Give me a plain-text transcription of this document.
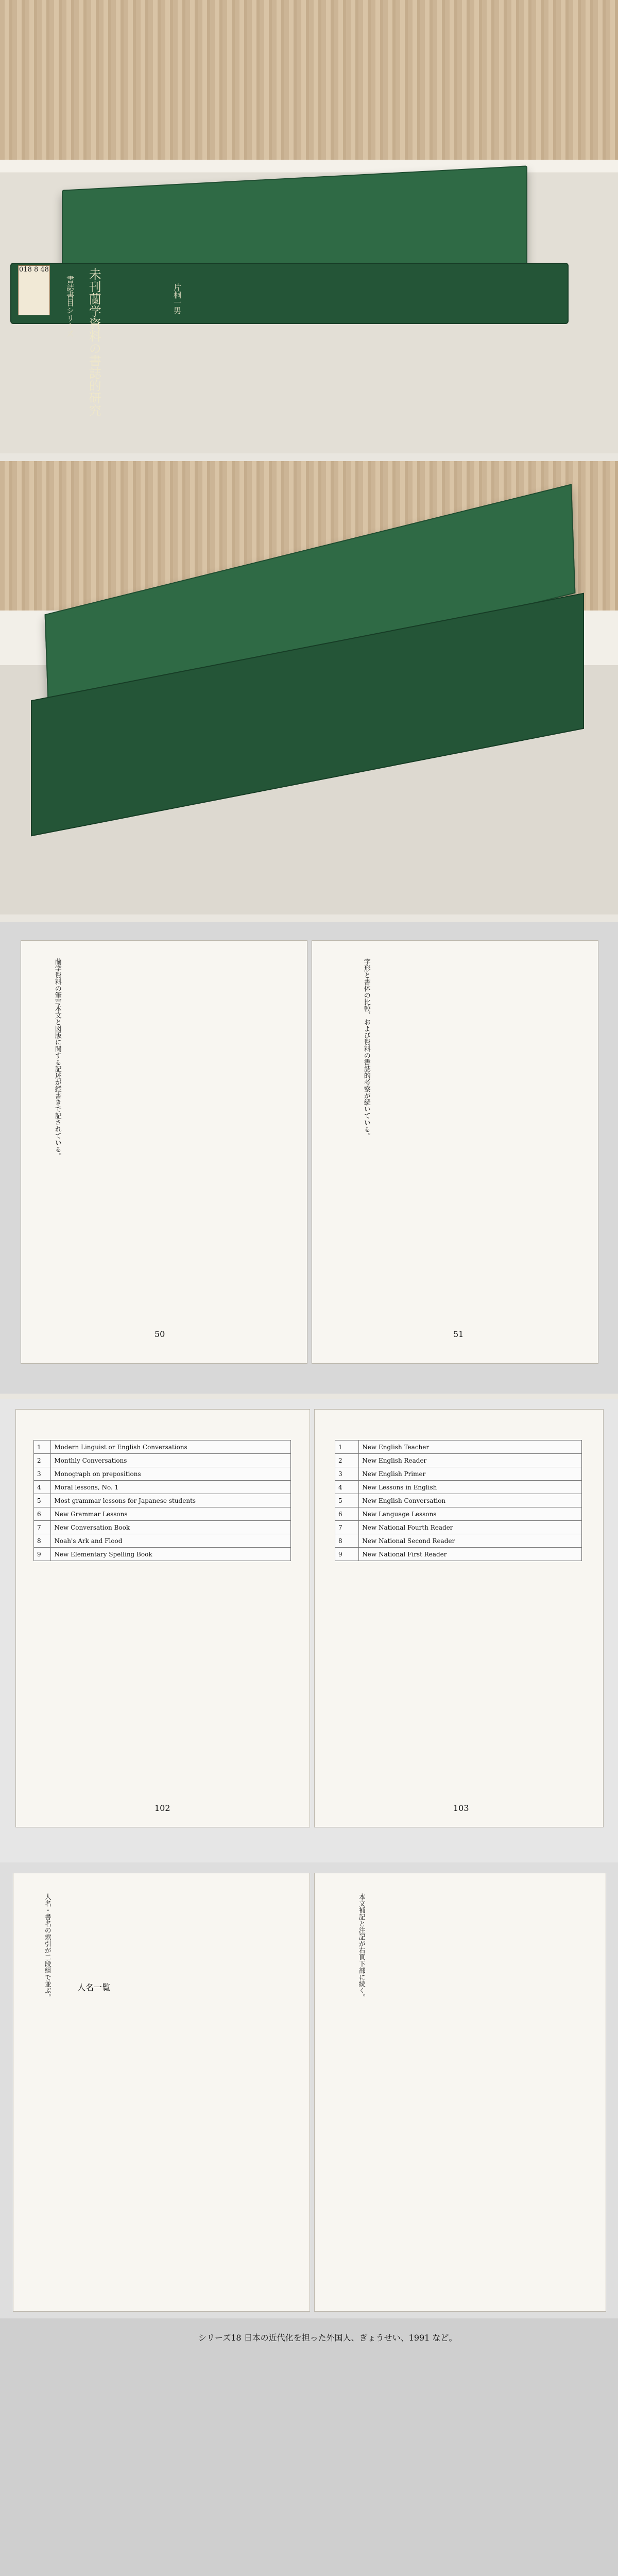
018 8 48
書誌書目シリーズ 未刊蘭学資料の書誌的研究	片桐一男
蘭学資料の筆写本文と図版に関する記述が縦書きで記されている。	字形と書体の比較、および資料の書誌的考察が続いている。
50	51
1	Modern Linguist or English Conversations
2	Monthly Conversations
3	Monograph on prepositions
4	Moral lessons, No. 1
5	Most grammar lessons for Japanese students
6	New Grammar Lessons
7	New Conversation Book
8	Noah's Ark and Flood
9	New Elementary Spelling Book
1	New English Teacher
2	New English Reader
3	New English Primer
4	New Lessons in English
5	New English Conversation
6	New Language Lessons
7	New National Fourth Reader
8	New National Second Reader
9	New National First Reader
102	103
人名一覧
人名・書名の索引が二段組で並ぶ。	本文補記と注記が右頁下部に続く。
シリーズ18 日本の近代化を担った外国人、ぎょうせい、1991 など。
